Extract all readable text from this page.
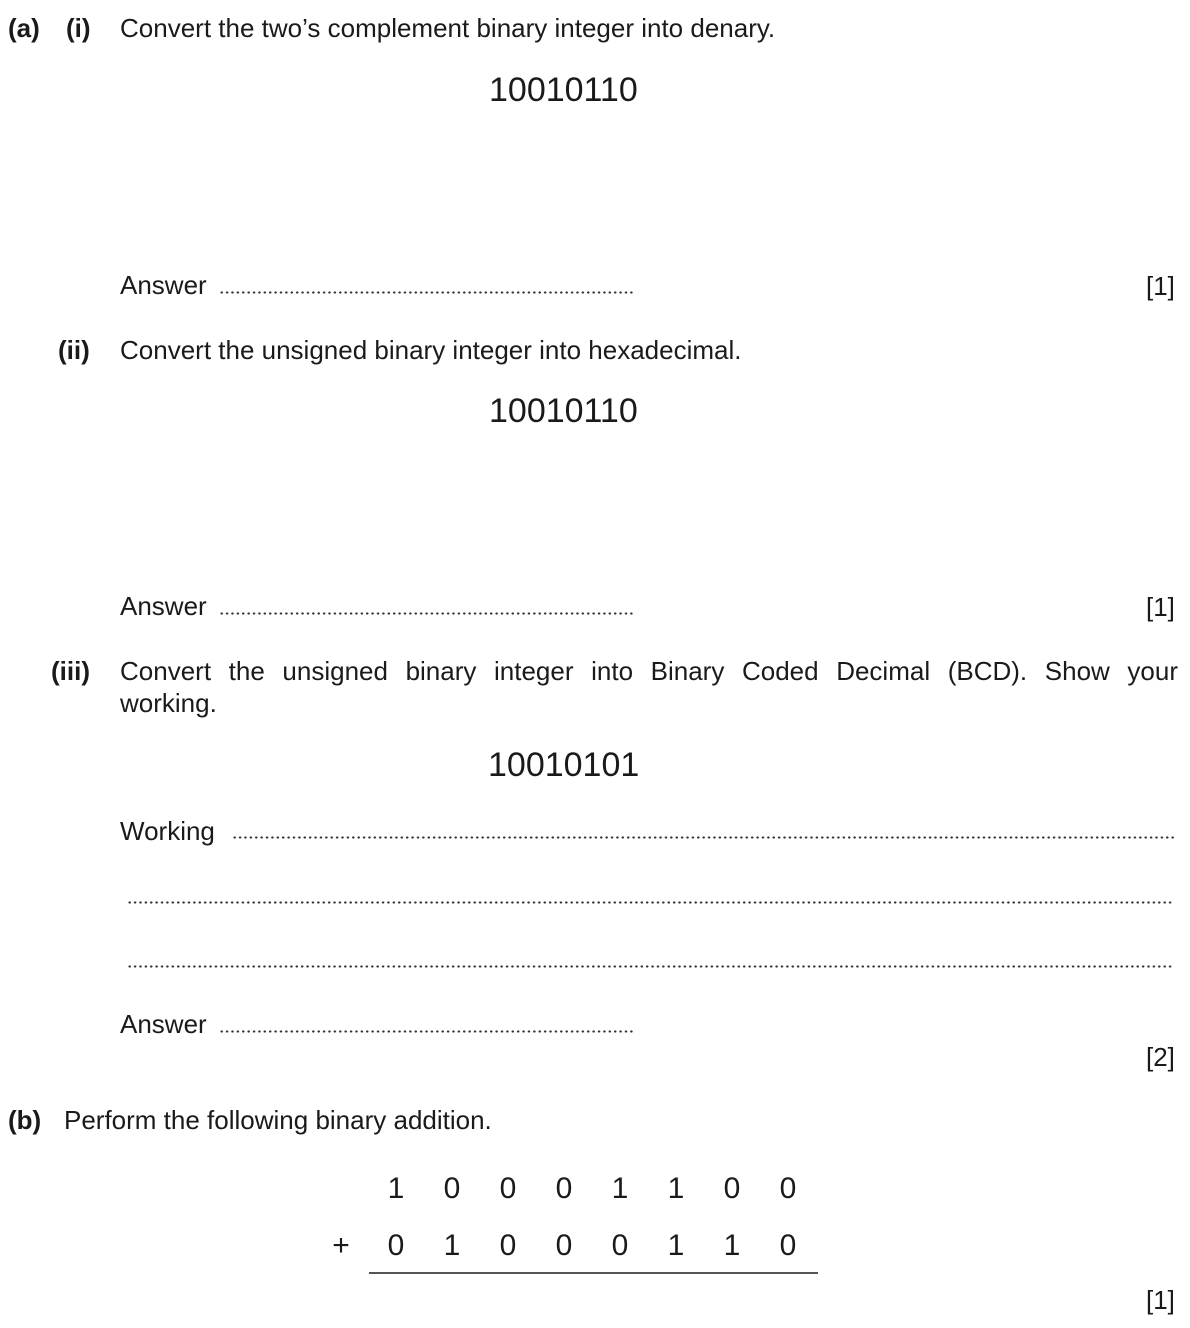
(a) (i) Convert the two’s complement binary integer into denary.
10010110
Answer	[1]
(ii) Convert the unsigned binary integer into hexadecimal.
10010110
Answer	[1]
(iii) Convert the unsigned binary integer into Binary Coded Decimal (BCD). Show your
working.
10010101
Working
Answer
[2]
(b) Perform the following binary addition.
1 0 0 0 1 1 0 0
+ 0 1 0 0 0 1 1 0
[1]
